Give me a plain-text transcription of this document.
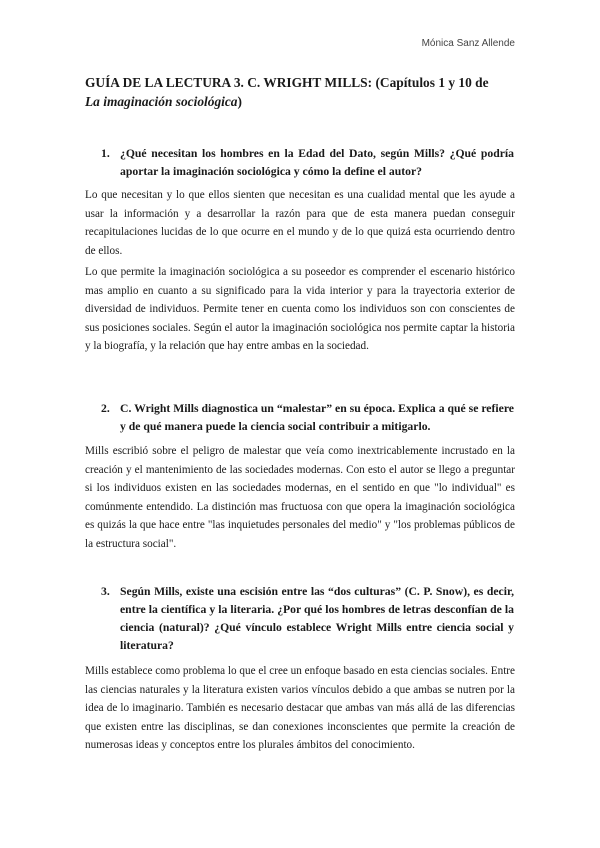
Mónica Sanz Allende
GUÍA DE LA LECTURA 3. C. WRIGHT MILLS: (Capítulos 1 y 10 de
La imaginación sociológica)

1. ¿Qué necesitan los hombres en la Edad del Dato, según Mills? ¿Qué podría aportar la imaginación sociológica y cómo la define el autor?

Lo que necesitan y lo que ellos sienten que necesitan es una cualidad mental que les ayude a usar la información y a desarrollar la razón para que de esta manera puedan conseguir recapitulaciones lucidas de lo que ocurre en el mundo y de lo que quizá esta ocurriendo dentro de ellos.

Lo que permite la imaginación sociológica a su poseedor es comprender el escenario histórico mas amplio en cuanto a su significado para la vida interior y para la trayectoria exterior de diversidad de individuos. Permite tener en cuenta como los individuos son con conscientes de sus posiciones sociales. Según el autor la imaginación sociológica nos permite captar la historia y la biografía, y la relación que hay entre ambas en la sociedad.

2. C. Wright Mills diagnostica un “malestar” en su época. Explica a qué se refiere y de qué manera puede la ciencia social contribuir a mitigarlo.

Mills escribió sobre el peligro de malestar que veía como inextricablemente incrustado en la creación y el mantenimiento de las sociedades modernas. Con esto el autor se llego a preguntar si los individuos existen en las sociedades modernas, en el sentido en que "lo individual" es comúnmente entendido. La distinción mas fructuosa con que opera la imaginación sociológica es quizás la que hace entre "las inquietudes personales del medio" y "los problemas públicos de la estructura social".

3. Según Mills, existe una escisión entre las “dos culturas” (C. P. Snow), es decir, entre la científica y la literaria. ¿Por qué los hombres de letras desconfían de la ciencia (natural)? ¿Qué vínculo establece Wright Mills entre ciencia social y literatura?

Mills establece como problema lo que el cree un enfoque basado en esta ciencias sociales. Entre las ciencias naturales y la literatura existen varios vínculos debido a que ambas se nutren por la idea de lo imaginario. También es necesario destacar que ambas van más allá de las diferencias que existen entre las disciplinas, se dan conexiones inconscientes que permite la creación de numerosas ideas y conceptos entre los plurales ámbitos del conocimiento.
